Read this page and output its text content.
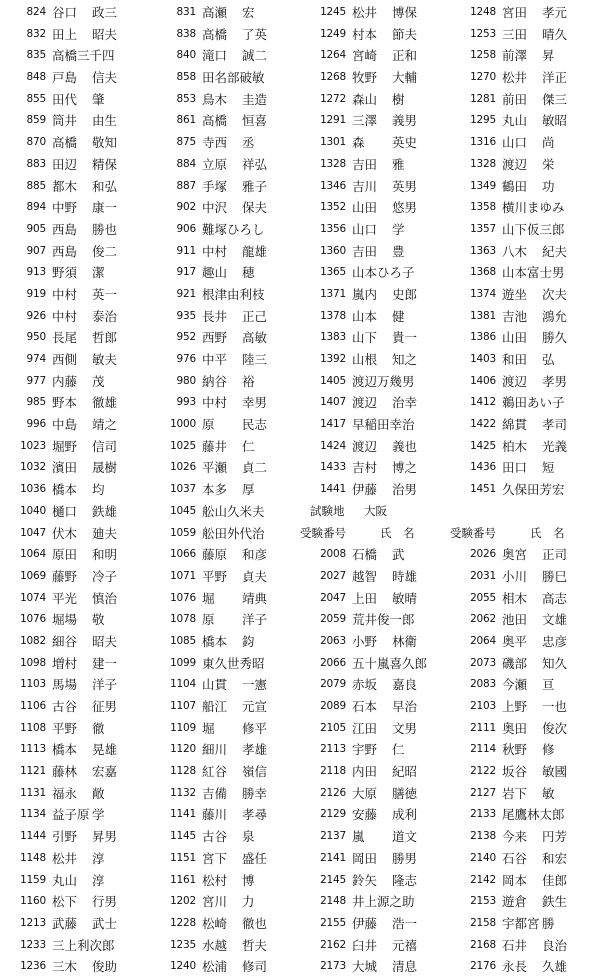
824 谷口 政三
832 田上 昭夫
835 高橋三千四
848 戸島 信夫
855 田代 肇
859 筒井 由生
870 高橋 敬知
883 田辺 精保
885 都木 和弘
894 中野 康一
905 西島 勝也
907 西島 俊二
913 野須 潔
919 中村 英一
926 中村 泰治
950 長尾 哲郎
974 西側 敏夫
977 内藤 茂
985 野本 徹雄
996 中島 靖之
1023 堀野 信司
1032 濱田 晟樹
1036 橋本 均
1040 樋口 鉄雄
1047 伏木 廸夫
1064 原田 和明
1069 藤野 冷子
1074 平光 慎治
1076 堀場 敬
1082 細谷 昭夫
1098 増村 建一
1103 馬場 洋子
1106 古谷 征男
1108 平野 徹
1113 橋本 晃雄
1121 藤林 宏嘉
1131 福永 敞
1134 益子原 学
1144 引野 昇男
1148 松井 淳
1159 丸山 淳
1160 松下 行男
1213 武藤 武士
1233 三上利次郎
1236 三木 俊助
831 高瀬 宏
838 高橋 了英
840 滝口 誠二
858 田名部破敏
853 鳥木 圭造
861 高橋 恒喜
875 寺西 丞
884 立原 祥弘
887 手塚 雅子
902 中沢 保夫
906 難塚ひろし
911 中村 龍雄
917 趣山 穂
921 根津由利枝
935 長井 正己
952 西野 高敏
976 中平 陸三
980 納谷 裕
993 中村 幸男
1000 原 民志
1025 藤井 仁
1026 平瀬 貞二
1037 本多 厚
1045 舩山久米夫
1059 舩田外代治
1066 藤原 和彦
1071 平野 貞夫
1076 堀 靖典
1078 原 洋子
1085 橋本 鈞
1099 東久世秀昭
1104 山貫 一憲
1107 船江 元宣
1109 堀 修平
1120 細川 孝雄
1128 紅谷 嶺信
1132 吉備 勝幸
1141 藤川 孝尋
1145 古谷 泉
1151 宮下 盛任
1161 松村 博
1202 宮川 力
1228 松崎 徹也
1235 水越 哲夫
1240 松浦 修司
1245 松井 博保
1249 村本 節夫
1264 宮崎 正和
1268 牧野 大輔
1272 森山 樹
1291 三澤 義男
1301 森 英史
1328 吉田 雅
1346 吉川 英男
1352 山田 悠男
1356 山口 学
1360 吉田 豊
1365 山本ひろ子
1371 嵐内 史郎
1378 山本 健
1383 山下 貴一
1392 山根 知之
1405 渡辺万幾男
1407 渡辺 治幸
1417 早稲田幸治
1424 渡辺 義也
1433 吉村 博之
1441 伊藤 治男
試験地 大阪
受験番号	氏　名
2008 石橋 武
2027 越智 時雄
2047 上田 敏晴
2059 荒井俊一郎
2063 小野 林衛
2066 五十嵐喜久郎
2079 赤坂 嘉良
2089 石本 早治
2105 江田 文男
2113 宇野 仁
2118 内田 紀昭
2126 大原 膳徳
2129 安藤 成利
2137 嵐 道文
2141 岡田 勝男
2145 鈴矢 隆志
2148 井上源之助
2155 伊藤 浩一
2162 臼井 元禧
2173 大城 清息
1248 宮田 孝元
1253 三田 晴久
1258 前澤 昇
1270 松井 洋正
1281 前田 傑三
1295 丸山 敏昭
1316 山口 尚
1328 渡辺 栄
1349 鶴田 功
1358 横川まゆみ
1357 山下仮三郎
1363 八木 紀夫
1368 山本富士男
1374 遊坐 次夫
1381 吉池 鴻允
1386 山田 勝久
1403 和田 弘
1406 渡辺 孝男
1412 鵜田あい子
1422 綿貫 孝司
1425 柏木 光義
1436 田口 短
1451 久保田芳宏
受験番号	氏　名
2026 奥宮 正司
2031 小川 勝巳
2055 相木 高志
2062 池田 文雄
2064 奥平 忠彦
2073 磯部 知久
2083 今瀬 亘
2103 上野 一也
2111 奥田 俊次
2114 秋野 修
2122 坂谷 敏國
2127 岩下 敏
2133 尾鷹林太郎
2138 今来 円芳
2140 石谷 和宏
2142 岡本 佳郎
2153 遊倉 鉄生
2158 宇都宮 勝
2168 石井 良治
2176 永長 久雄
